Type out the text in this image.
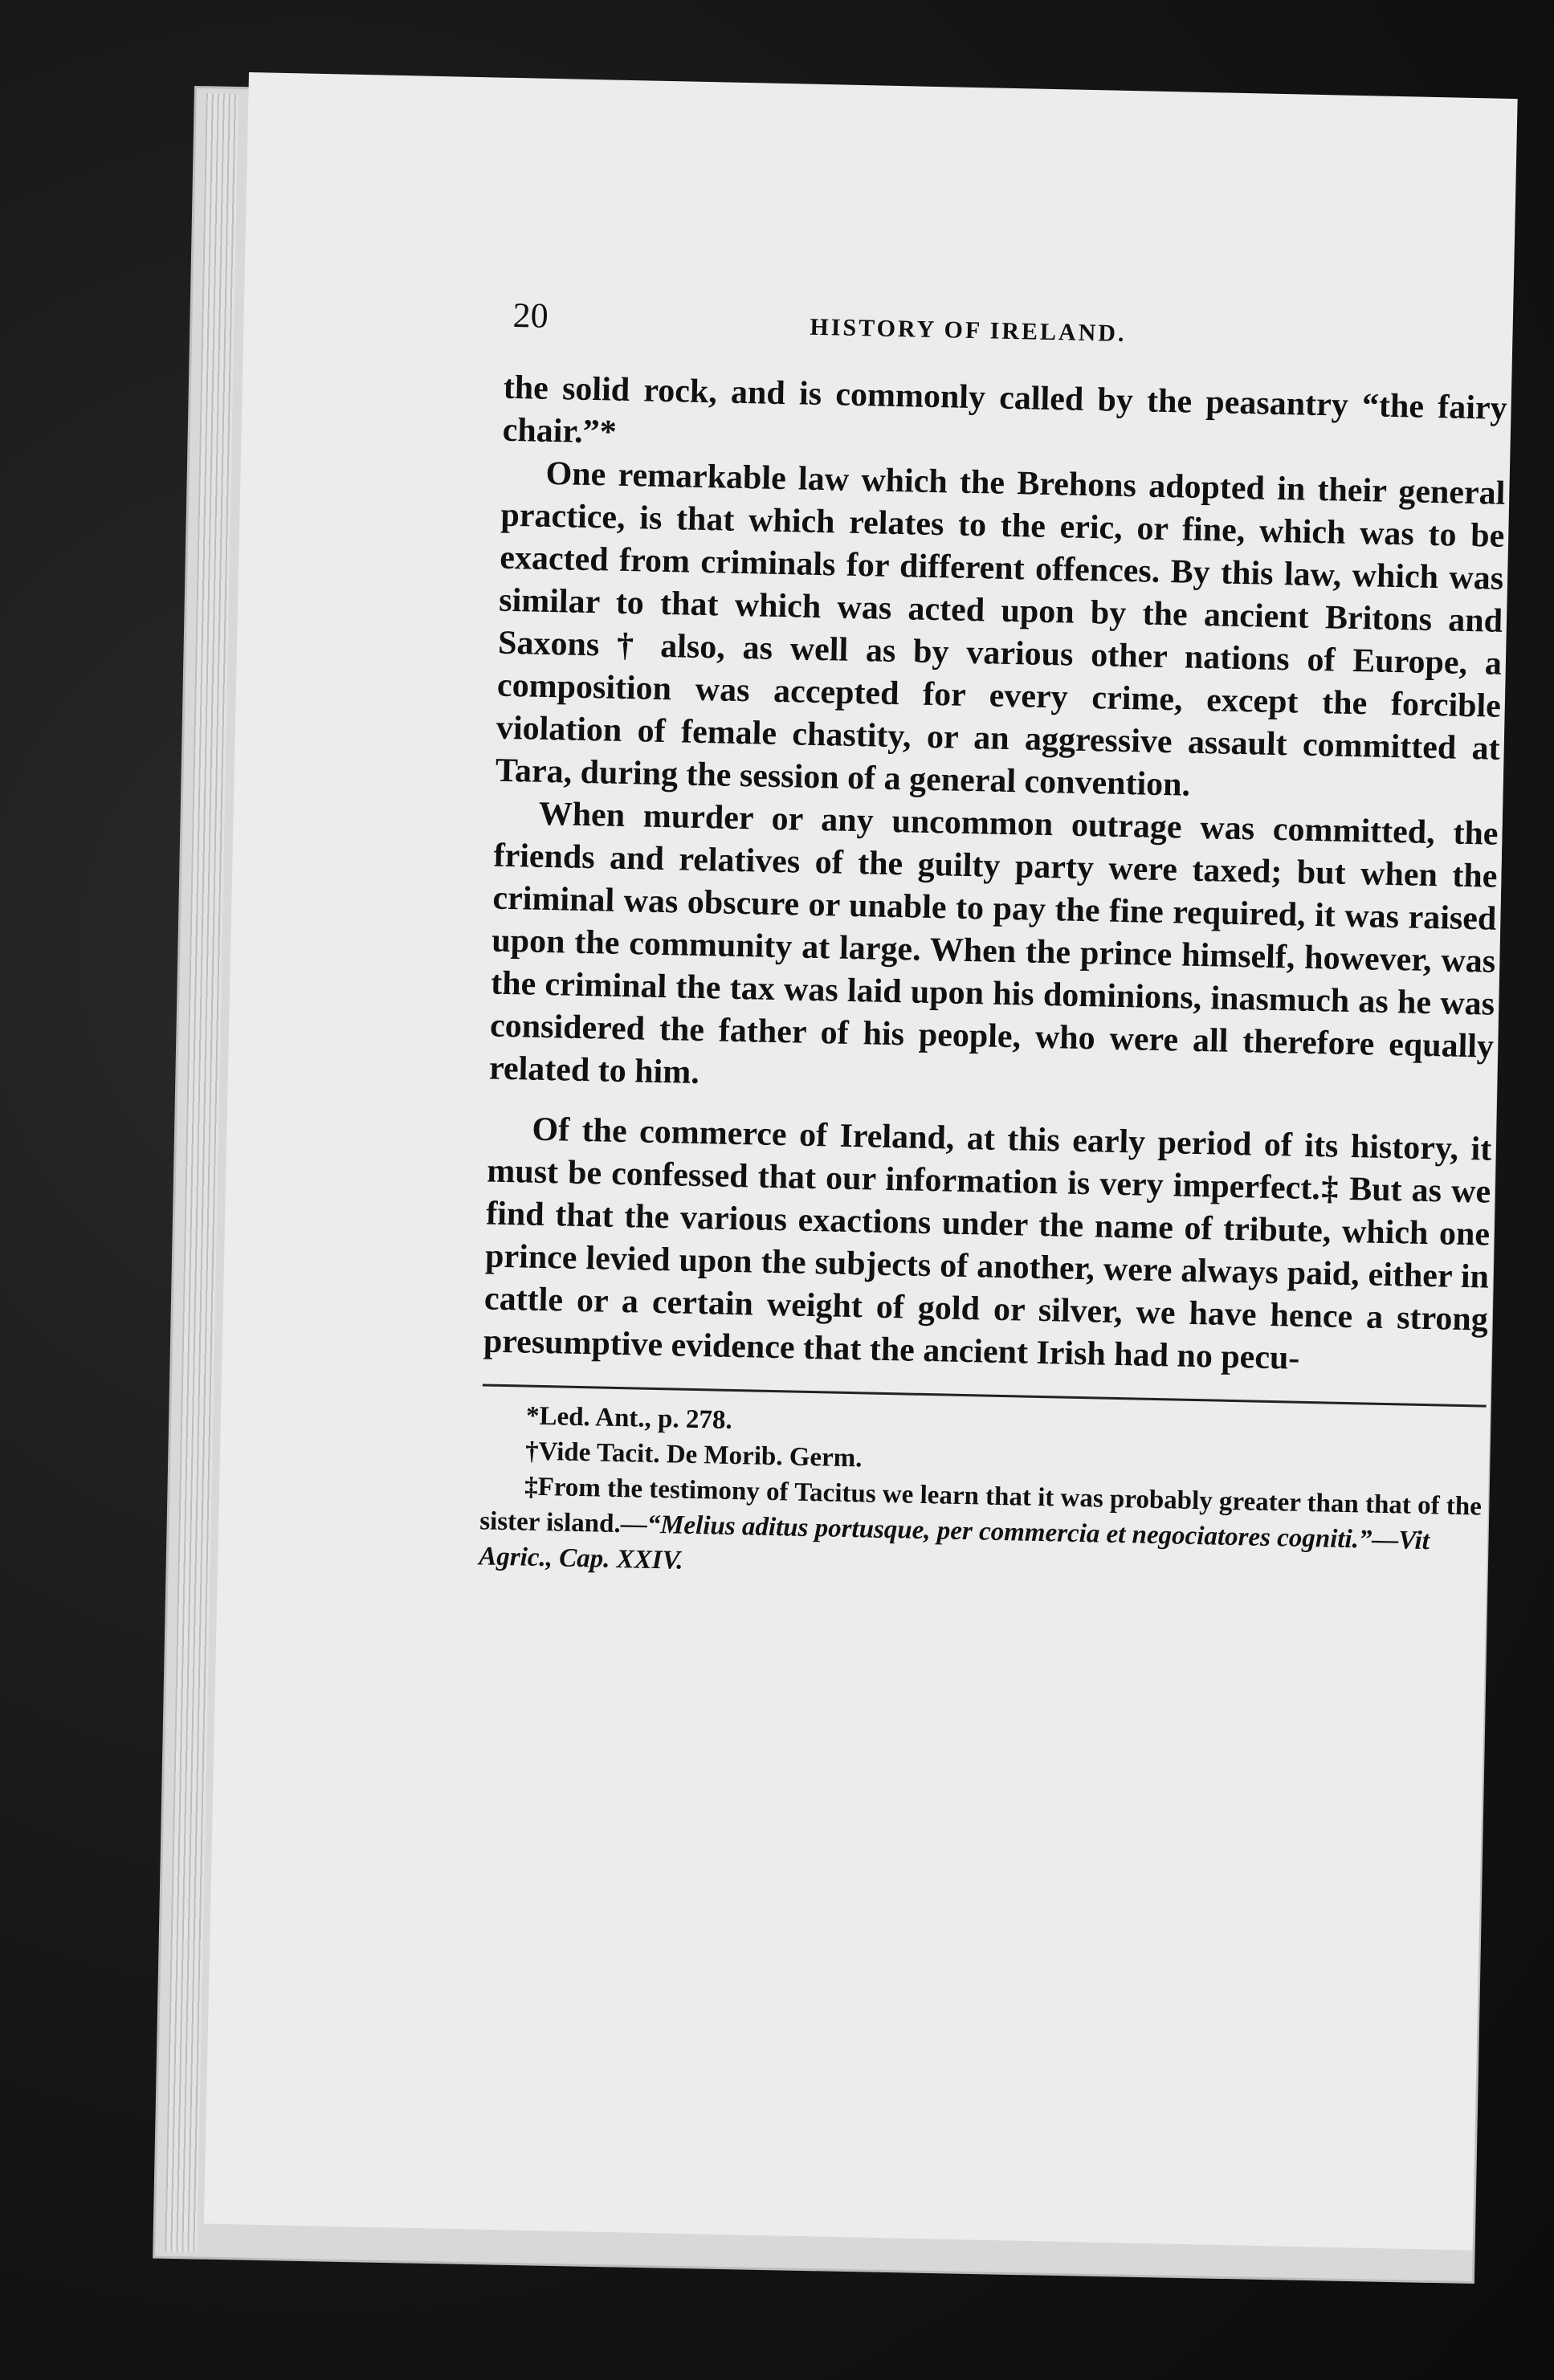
20	HISTORY OF IRELAND.

the solid rock, and is commonly called by the peasantry “the fairy chair.”*

One remarkable law which the Brehons adopted in their general practice, is that which relates to the eric, or fine, which was to be exacted from criminals for different offences. By this law, which was similar to that which was acted upon by the ancient Britons and Saxons † also, as well as by various other nations of Europe, a composition was accepted for every crime, except the forcible violation of female chastity, or an aggressive assault committed at Tara, during the session of a general convention.

When murder or any uncommon outrage was committed, the friends and relatives of the guilty party were taxed; but when the criminal was obscure or unable to pay the fine required, it was raised upon the community at large. When the prince himself, however, was the criminal the tax was laid upon his dominions, inasmuch as he was considered the father of his people, who were all therefore equally related to him.

Of the commerce of Ireland, at this early period of its history, it must be confessed that our information is very imperfect.‡ But as we find that the various exactions under the name of tribute, which one prince levied upon the subjects of another, were always paid, either in cattle or a certain weight of gold or silver, we have hence a strong presumptive evidence that the ancient Irish had no pecu-

*Led. Ant., p. 278.

†Vide Tacit. De Morib. Germ.

‡From the testimony of Tacitus we learn that it was probably greater than that of the sister island.—“Melius aditus portusque, per commercia et negociatores cogniti.”—Vit Agric., Cap. XXIV.
